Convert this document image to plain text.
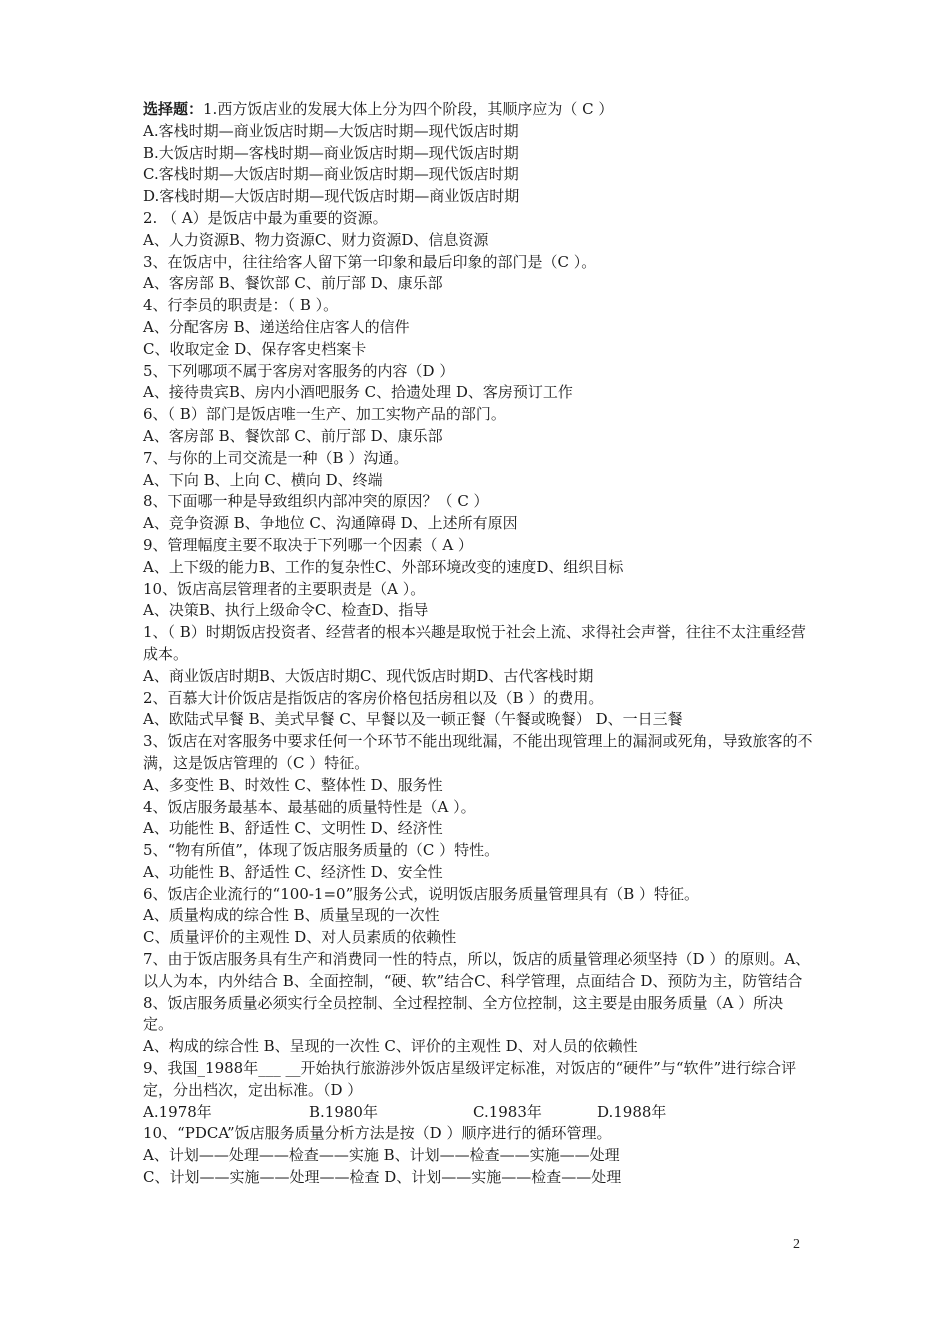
选择题：1.西方饭店业的发展大体上分为四个阶段，其顺序应为（ C ）
A.客栈时期—商业饭店时期—大饭店时期—现代饭店时期
B.大饭店时期—客栈时期—商业饭店时期—现代饭店时期
C.客栈时期—大饭店时期—商业饭店时期—现代饭店时期
D.客栈时期—大饭店时期—现代饭店时期—商业饭店时期
2. （ A）是饭店中最为重要的资源。
A、人力资源B、物力资源C、财力资源D、信息资源
3、在饭店中，往往给客人留下第一印象和最后印象的部门是（C ）。
A、客房部 B、餐饮部 C、前厅部 D、康乐部
4、行李员的职责是：（ B ）。
A、分配客房 B、递送给住店客人的信件
C、收取定金 D、保存客史档案卡
5、下列哪项不属于客房对客服务的内容（D ）
A、接待贵宾B、房内小酒吧服务 C、拾遗处理 D、客房预订工作
6、（ B）部门是饭店唯一生产、加工实物产品的部门。
A、客房部 B、餐饮部 C、前厅部 D、康乐部
7、与你的上司交流是一种（B ）沟通。
A、下向 B、上向 C、横向 D、终端
8、下面哪一种是导致组织内部冲突的原因？（ C ）
A、竞争资源 B、争地位 C、沟通障碍 D、上述所有原因
9、管理幅度主要不取决于下列哪一个因素（ A ）
A、上下级的能力B、工作的复杂性C、外部环境改变的速度D、组织目标
10、饭店高层管理者的主要职责是（A ）。
A、决策B、执行上级命令C、检查D、指导
1、（ B）时期饭店投资者、经营者的根本兴趣是取悦于社会上流、求得社会声誉，往往不太注重经营成本。
A、商业饭店时期B、大饭店时期C、现代饭店时期D、古代客栈时期
2、百慕大计价饭店是指饭店的客房价格包括房租以及（B ）的费用。
A、欧陆式早餐 B、美式早餐 C、早餐以及一顿正餐（午餐或晚餐） D、一日三餐
3、饭店在对客服务中要求任何一个环节不能出现纰漏，不能出现管理上的漏洞或死角，导致旅客的不满，这是饭店管理的（C ）特征。
A、多变性 B、时效性 C、整体性 D、服务性
4、饭店服务最基本、最基础的质量特性是（A ）。
A、功能性 B、舒适性 C、文明性 D、经济性
5、“物有所值”，体现了饭店服务质量的（C ）特性。
A、功能性 B、舒适性 C、经济性 D、安全性
6、饭店企业流行的“100-1=0”服务公式，说明饭店服务质量管理具有（B ）特征。
A、质量构成的综合性 B、质量呈现的一次性
C、质量评价的主观性 D、对人员素质的依赖性
7、由于饭店服务具有生产和消费同一性的特点，所以，饭店的质量管理必须坚持（D ）的原则。A、以人为本，内外结合 B、全面控制，“硬、软”结合C、科学管理，点面结合 D、预防为主，防管结合
8、饭店服务质量必须实行全员控制、全过程控制、全方位控制，这主要是由服务质量（A ）所决定。
A、构成的综合性 B、呈现的一次性 C、评价的主观性 D、对人员的依赖性
9、我国_1988年___ __开始执行旅游涉外饭店星级评定标准，对饭店的“硬件”与“软件”进行综合评定，分出档次，定出标准。（D ）
A.1978年	B.1980年	C.1983年	D.1988年
10、“PDCA”饭店服务质量分析方法是按（D ）顺序进行的循环管理。
A、计划——处理——检查——实施 B、计划——检查——实施——处理
C、计划——实施——处理——检查 D、计划——实施——检查——处理
2
